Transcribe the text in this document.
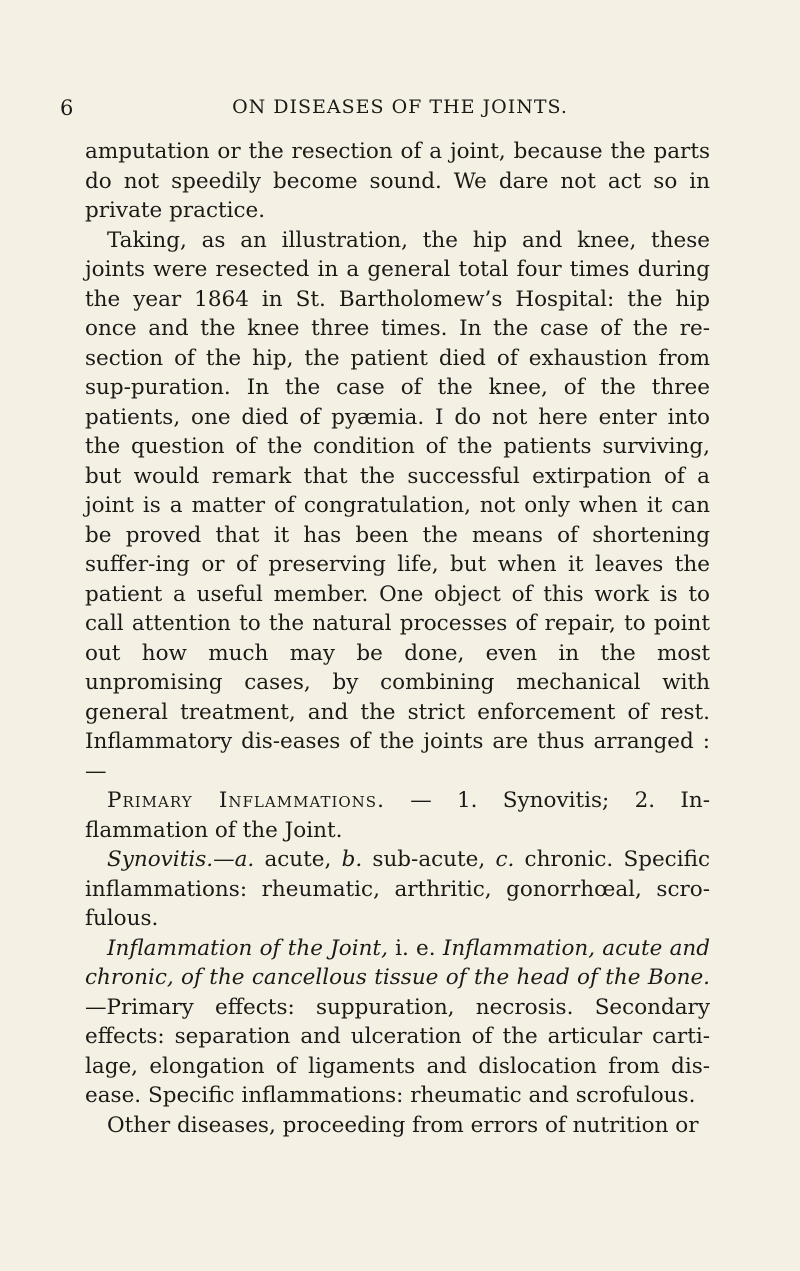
6	ON DISEASES OF THE JOINTS.

amputation or the resection of a joint, because the parts do not speedily become sound. We dare not act so in private practice.

Taking, as an illustration, the hip and knee, these joints were resected in a general total four times during the year 1864 in St. Bartholomew’s Hospital: the hip once and the knee three times. In the case of the re-section of the hip, the patient died of exhaustion from sup-puration. In the case of the knee, of the three patients, one died of pyæmia. I do not here enter into the question of the condition of the patients surviving, but would remark that the successful extirpation of a joint is a matter of congratulation, not only when it can be proved that it has been the means of shortening suffer-ing or of preserving life, but when it leaves the patient a useful member. One object of this work is to call attention to the natural processes of repair, to point out how much may be done, even in the most unpromising cases, by combining mechanical with general treatment, and the strict enforcement of rest. Inflammatory dis-eases of the joints are thus arranged :—

Primary Inflammations. — 1. Synovitis; 2. In-flammation of the Joint.

Synovitis.—a. acute, b. sub-acute, c. chronic. Specific inflammations: rheumatic, arthritic, gonorrhœal, scro-fulous.

Inflammation of the Joint, i. e. Inflammation, acute and chronic, of the cancellous tissue of the head of the Bone. —Primary effects: suppuration, necrosis. Secondary effects: separation and ulceration of the articular carti-lage, elongation of ligaments and dislocation from dis-ease. Specific inflammations: rheumatic and scrofulous.

Other diseases, proceeding from errors of nutrition or
